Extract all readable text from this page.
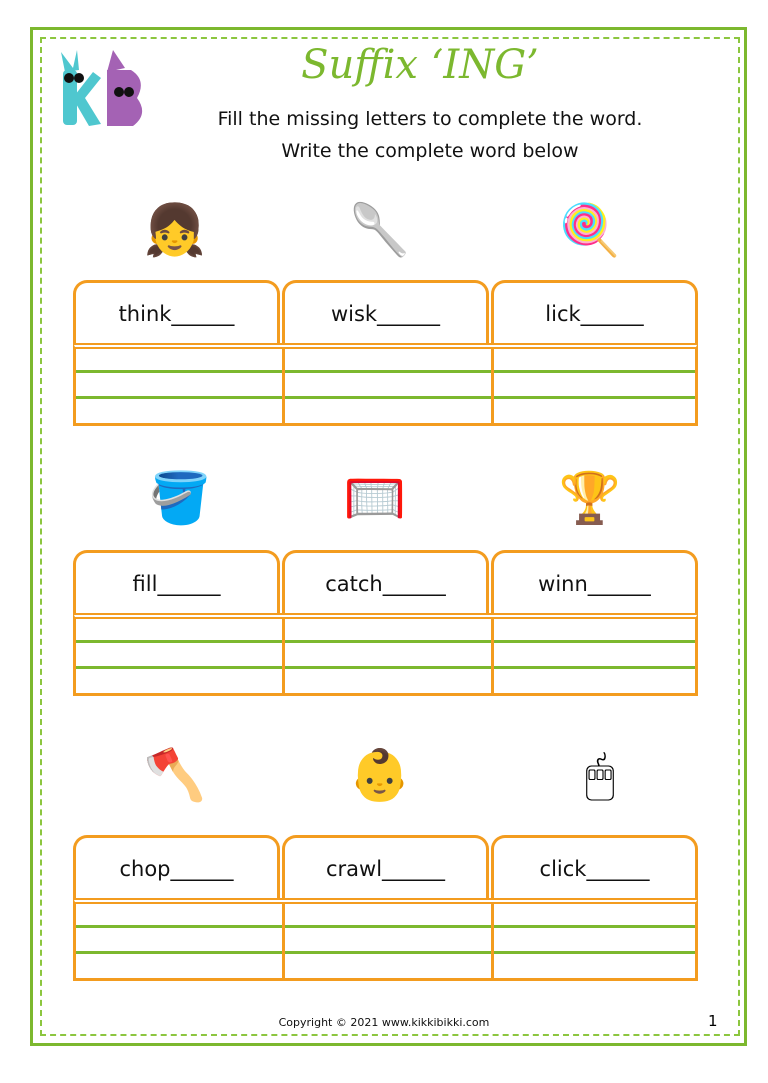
Suffix ‘ING’
Fill the missing letters to complete the word.
Write the complete word below
👧	🥄	🍭
think______	wisk______	lick______
🪣	🥅	🏆
fill______	catch______	winn______
🪓	👶	🖱
chop______	crawl______	click______
Copyright © 2021 www.kikkibikki.com	1
